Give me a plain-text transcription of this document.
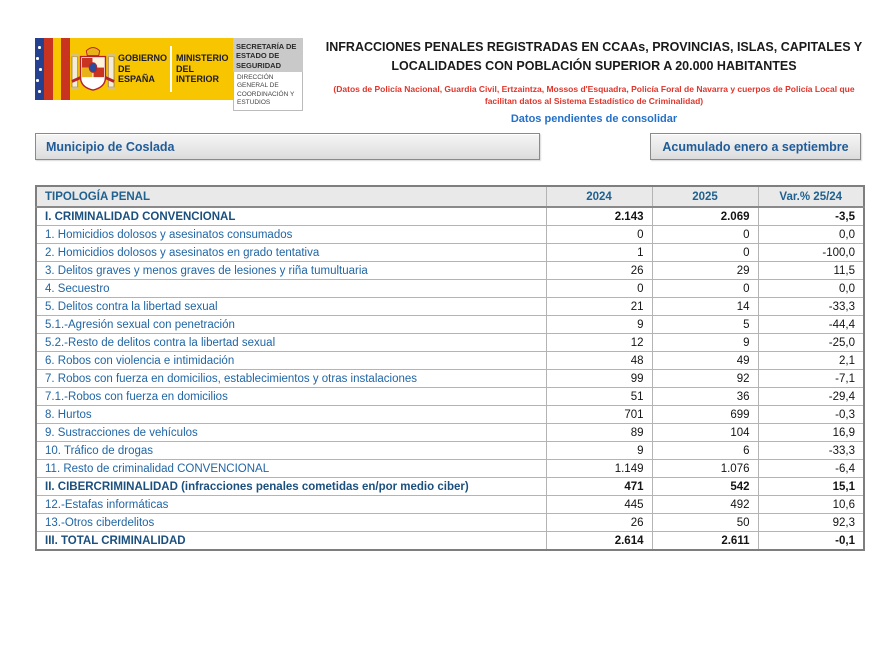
GOBIERNO DE ESPAÑA
MINISTERIO DEL INTERIOR
SECRETARÍA DE ESTADO DE SEGURIDAD
DIRECCIÓN GENERAL DE COORDINACIÓN Y ESTUDIOS
INFRACCIONES PENALES REGISTRADAS EN CCAAs, PROVINCIAS, ISLAS, CAPITALES Y LOCALIDADES CON POBLACIÓN SUPERIOR A 20.000 HABITANTES
(Datos de Policía Nacional, Guardia Civil, Ertzaintza, Mossos d'Esquadra, Policía Foral de Navarra y cuerpos de Policía Local que facilitan datos al Sistema Estadístico de Criminalidad)
Datos pendientes de consolidar
Municipio de Coslada	Acumulado enero a septiembre
TIPOLOGÍA PENAL	2024	2025	Var.% 25/24
I. CRIMINALIDAD CONVENCIONAL	2.143	2.069	-3,5
1. Homicidios dolosos y asesinatos consumados	0	0	0,0
2. Homicidios dolosos y asesinatos en grado tentativa	1	0	-100,0
3. Delitos graves y menos graves de lesiones y riña tumultuaria	26	29	11,5
4. Secuestro	0	0	0,0
5. Delitos contra la libertad sexual	21	14	-33,3
5.1.-Agresión sexual con penetración	9	5	-44,4
5.2.-Resto de delitos contra la libertad sexual	12	9	-25,0
6. Robos con violencia e intimidación	48	49	2,1
7. Robos con fuerza en domicilios, establecimientos y otras instalaciones	99	92	-7,1
7.1.-Robos con fuerza en domicilios	51	36	-29,4
8. Hurtos	701	699	-0,3
9. Sustracciones de vehículos	89	104	16,9
10. Tráfico de drogas	9	6	-33,3
11. Resto de criminalidad CONVENCIONAL	1.149	1.076	-6,4
II. CIBERCRIMINALIDAD (infracciones penales cometidas en/por medio ciber)	471	542	15,1
12.-Estafas informáticas	445	492	10,6
13.-Otros ciberdelitos	26	50	92,3
III. TOTAL CRIMINALIDAD	2.614	2.611	-0,1
